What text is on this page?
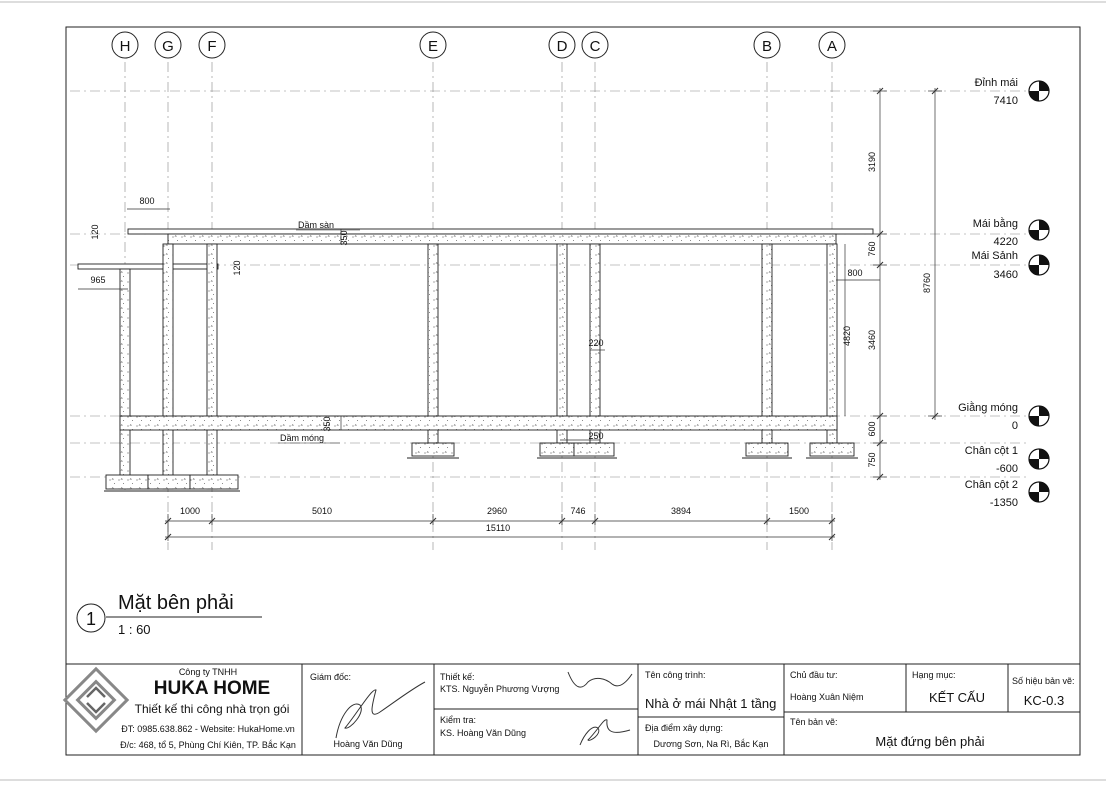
H G F	E	D C	B	A
1000	5010	2960	746	3894	1500
15110
800
965
800
220
250
3190
760
3460
600
750
8760
4820
120
120
350
350
Dầm sàn
Dầm móng
Đỉnh mái
7410
Mái bằng
4220
Mái Sảnh
3460
Giằng móng
0
Chân cột 1
-600
Chân cột 2
-1350
1
Mặt bên phải
1 : 60
Công ty TNHH
HUKA HOME
Thiết kế thi công nhà trọn gói
ĐT: 0985.638.862 - Website: HukaHome.vn
Đ/c: 468, tổ 5, Phùng Chí Kiên, TP. Bắc Kạn
Giám đốc:
Hoàng Văn Dũng
Thiết kế:
KTS. Nguyễn Phương Vượng
Kiểm tra:
KS. Hoàng Văn Dũng
Tên công trình:
Nhà ở mái Nhật 1 tầng
Địa điểm xây dựng:
Dương Sơn, Na Rì, Bắc Kạn
Chủ đầu tư:
Hoàng Xuân Niệm
Hạng mục:
KẾT CẤU
Số hiệu bản vẽ:
KC-0.3
Tên bản vẽ:
Mặt đứng bên phải
